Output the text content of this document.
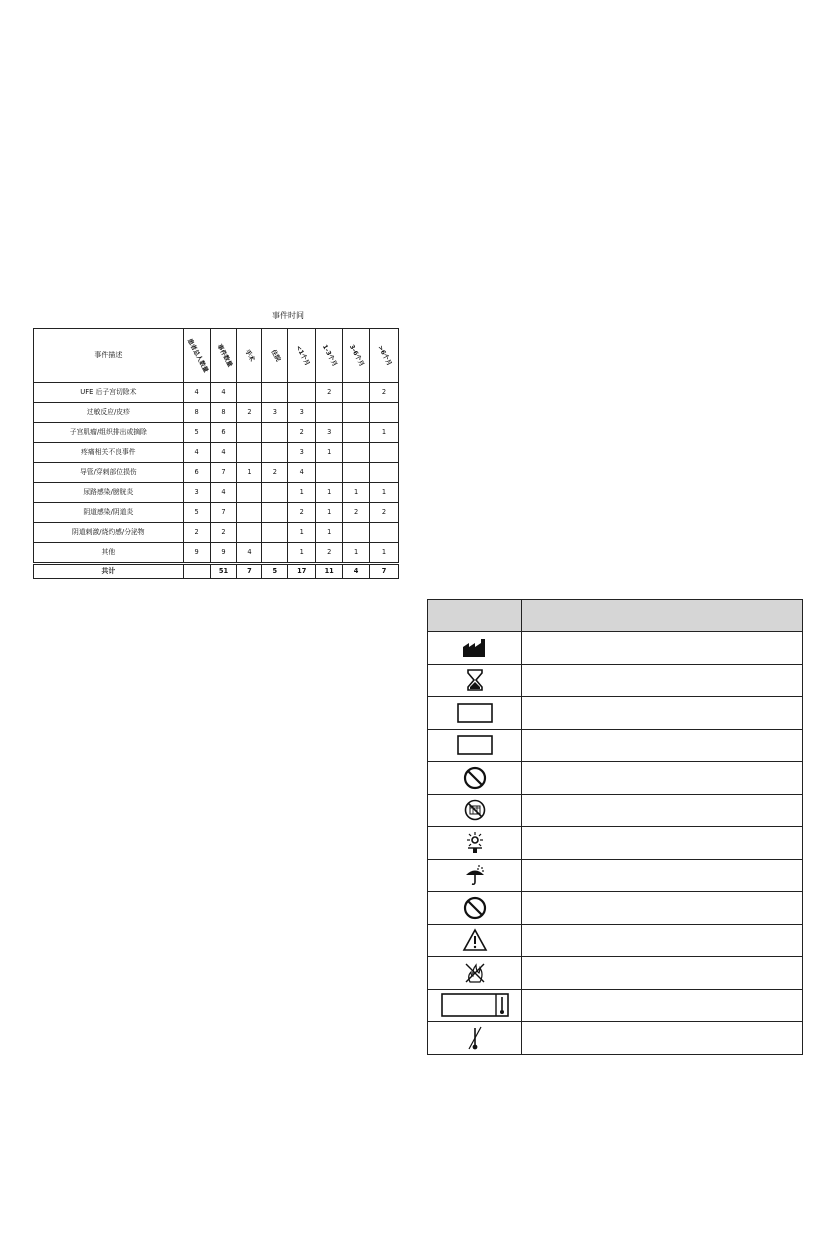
事件时间
事件描述	患者总人数量	事件数量	手术	住院	<1个月	1-3个月	3-6个月	>6个月

UFE 后子宫切除术	4	4				2		2
过敏反应/皮疹	8	8	2	3	3			
子宫肌瘤/组织排出或摘除	5	6			2	3		1
疼痛相关不良事件	4	4			3	1		
导管/穿刺部位损伤	6	7	1	2	4			
尿路感染/膀胱炎	3	4			1	1	1	1
阴道感染/阴道炎	5	7			2	1	2	2
阴道刺激/烧灼感/分泌物	2	2			1	1		
其他	9	9	4		1	2	1	1
共计		51	7	5	17	11	4	7
